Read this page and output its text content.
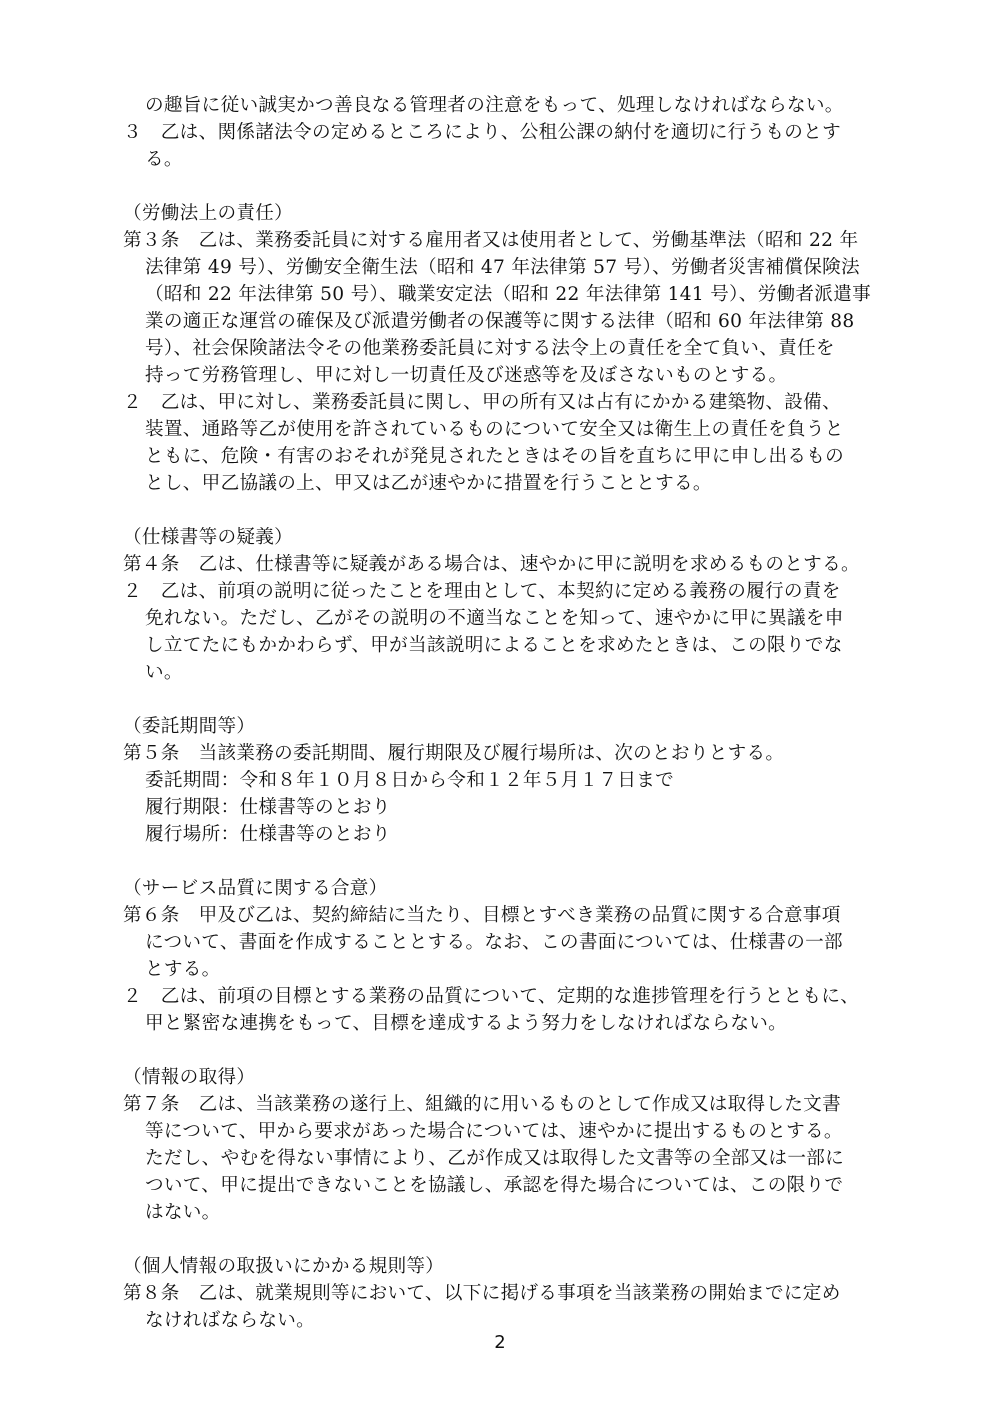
の趣旨に従い誠実かつ善良なる管理者の注意をもって、処理しなければならない。
３　乙は、関係諸法令の定めるところにより、公租公課の納付を適切に行うものとす
る。
（労働法上の責任）
第３条　乙は、業務委託員に対する雇用者又は使用者として、労働基準法（昭和 22 年
法律第 49 号）、労働安全衛生法（昭和 47 年法律第 57 号）、労働者災害補償保険法
（昭和 22 年法律第 50 号）、職業安定法（昭和 22 年法律第 141 号）、労働者派遣事
業の適正な運営の確保及び派遣労働者の保護等に関する法律（昭和 60 年法律第 88
号）、社会保険諸法令その他業務委託員に対する法令上の責任を全て負い、責任を
持って労務管理し、甲に対し一切責任及び迷惑等を及ぼさないものとする。
２　乙は、甲に対し、業務委託員に関し、甲の所有又は占有にかかる建築物、設備、
装置、通路等乙が使用を許されているものについて安全又は衛生上の責任を負うと
ともに、危険・有害のおそれが発見されたときはその旨を直ちに甲に申し出るもの
とし、甲乙協議の上、甲又は乙が速やかに措置を行うこととする。
（仕様書等の疑義）
第４条　乙は、仕様書等に疑義がある場合は、速やかに甲に説明を求めるものとする。
２　乙は、前項の説明に従ったことを理由として、本契約に定める義務の履行の責を
免れない。ただし、乙がその説明の不適当なことを知って、速やかに甲に異議を申
し立てたにもかかわらず、甲が当該説明によることを求めたときは、この限りでな
い。
（委託期間等）
第５条　当該業務の委託期間、履行期限及び履行場所は、次のとおりとする。
委託期間：令和８年１０月８日から令和１２年５月１７日まで
履行期限：仕様書等のとおり
履行場所：仕様書等のとおり
（サービス品質に関する合意）
第６条　甲及び乙は、契約締結に当たり、目標とすべき業務の品質に関する合意事項
について、書面を作成することとする。なお、この書面については、仕様書の一部
とする。
２　乙は、前項の目標とする業務の品質について、定期的な進捗管理を行うとともに、
甲と緊密な連携をもって、目標を達成するよう努力をしなければならない。
（情報の取得）
第７条　乙は、当該業務の遂行上、組織的に用いるものとして作成又は取得した文書
等について、甲から要求があった場合については、速やかに提出するものとする。
ただし、やむを得ない事情により、乙が作成又は取得した文書等の全部又は一部に
ついて、甲に提出できないことを協議し、承認を得た場合については、この限りで
はない。
（個人情報の取扱いにかかる規則等）
第８条　乙は、就業規則等において、以下に掲げる事項を当該業務の開始までに定め
なければならない。
2
